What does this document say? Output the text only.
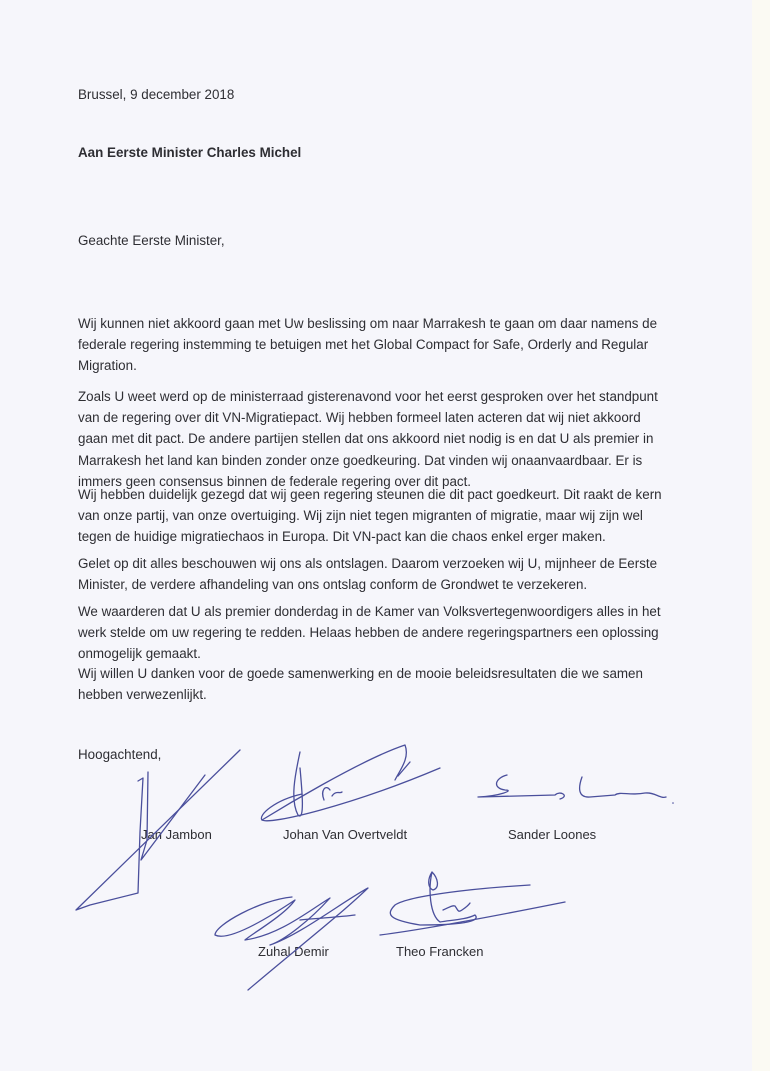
Brussel, 9 december 2018
Aan Eerste Minister Charles Michel
Geachte Eerste Minister,
Wij kunnen niet akkoord gaan met Uw beslissing om naar Marrakesh te gaan om daar namens de
federale regering instemming te betuigen met het Global Compact for Safe, Orderly and Regular
Migration.
Zoals U weet werd op de ministerraad gisterenavond voor het eerst gesproken over het standpunt
van de regering over dit VN-Migratiepact. Wij hebben formeel laten acteren dat wij niet akkoord
gaan met dit pact. De andere partijen stellen dat ons akkoord niet nodig is en dat U als premier in
Marrakesh het land kan binden zonder onze goedkeuring. Dat vinden wij onaanvaardbaar. Er is
immers geen consensus binnen de federale regering over dit pact.
Wij hebben duidelijk gezegd dat wij geen regering steunen die dit pact goedkeurt. Dit raakt de kern
van onze partij, van onze overtuiging. Wij zijn niet tegen migranten of migratie, maar wij zijn wel
tegen de huidige migratiechaos in Europa. Dit VN-pact kan die chaos enkel erger maken.
Gelet op dit alles beschouwen wij ons als ontslagen. Daarom verzoeken wij U, mijnheer de Eerste
Minister, de verdere afhandeling van ons ontslag conform de Grondwet te verzekeren.
We waarderen dat U als premier donderdag in de Kamer van Volksvertegenwoordigers alles in het
werk stelde om uw regering te redden. Helaas hebben de andere regeringspartners een oplossing
onmogelijk gemaakt.
Wij willen U danken voor de goede samenwerking en de mooie beleidsresultaten die we samen
hebben verwezenlijkt.
Hoogachtend,
Jan Jambon	Johan Van Overtveldt	Sander Loones
Zuhal Demir	Theo Francken
